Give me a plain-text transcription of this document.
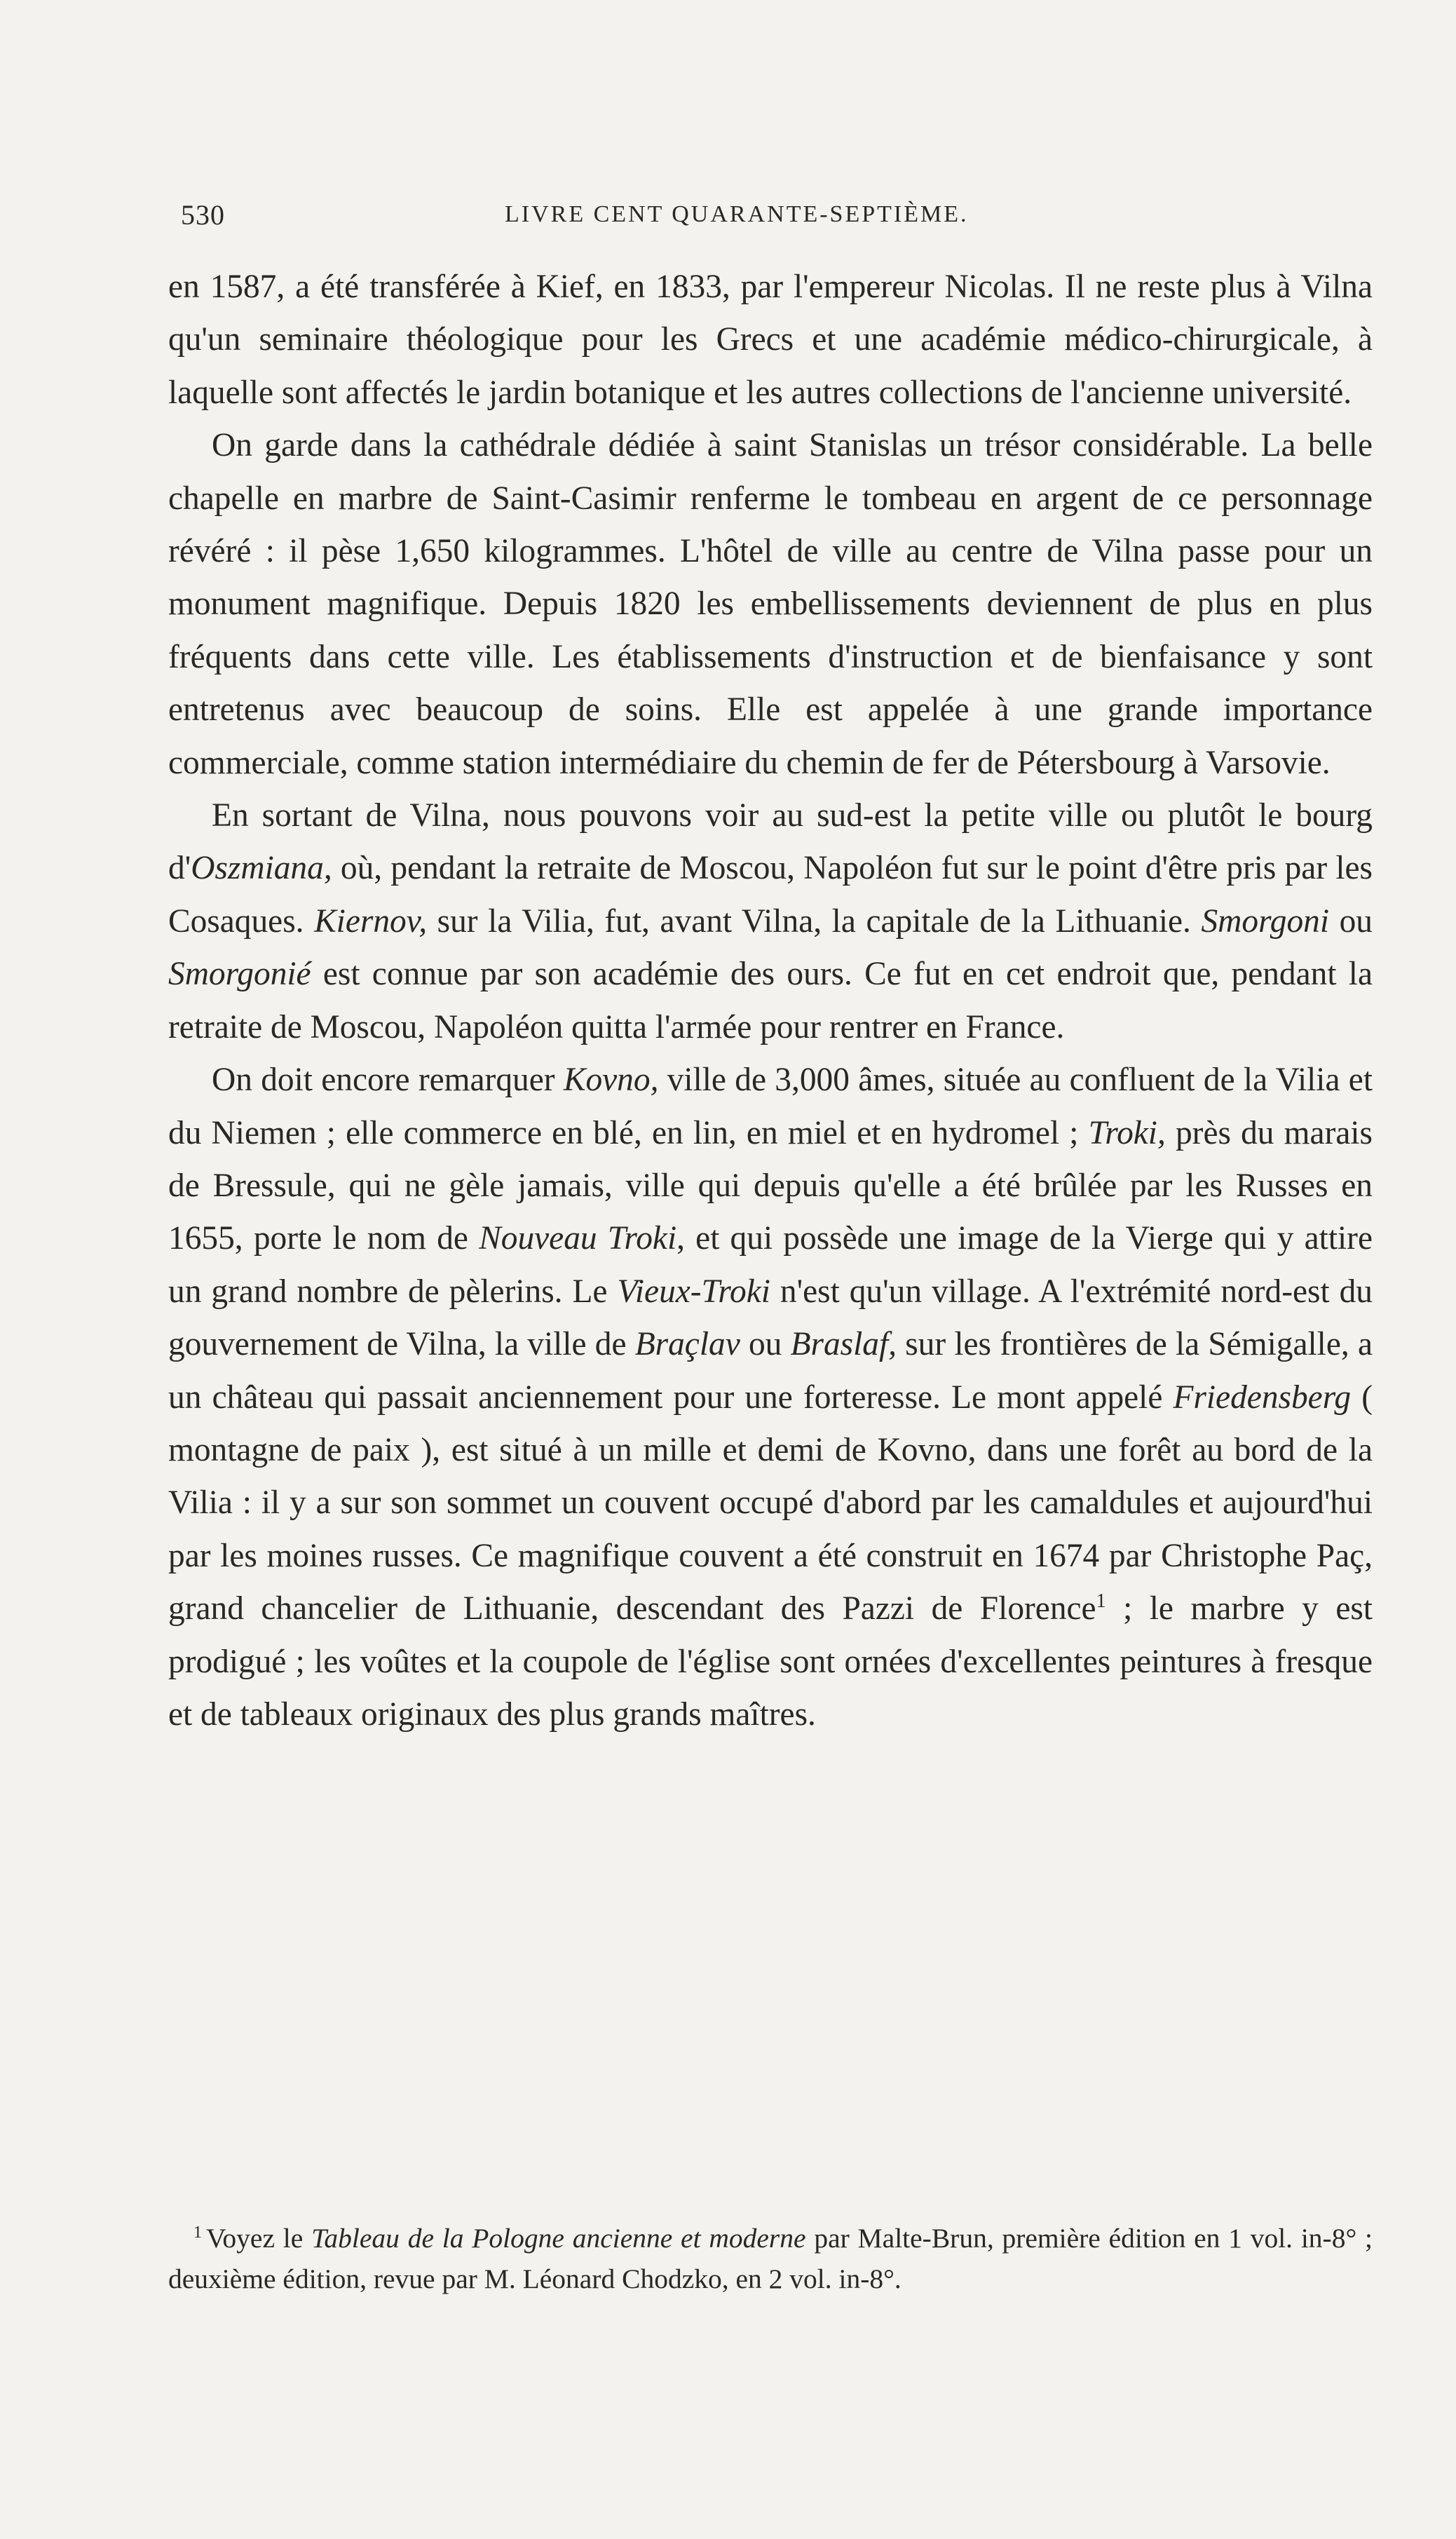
530	LIVRE CENT QUARANTE-SEPTIÈME.

en 1587, a été transférée à Kief, en 1833, par l'empereur Nicolas. Il ne reste plus à Vilna qu'un seminaire théologique pour les Grecs et une académie médico-chirurgicale, à laquelle sont affectés le jardin botanique et les autres collections de l'ancienne université.

On garde dans la cathédrale dédiée à saint Stanislas un trésor considérable. La belle chapelle en marbre de Saint-Casimir renferme le tombeau en argent de ce personnage révéré : il pèse 1,650 kilogrammes. L'hôtel de ville au centre de Vilna passe pour un monument magnifique. Depuis 1820 les embellissements deviennent de plus en plus fréquents dans cette ville. Les établissements d'instruction et de bienfaisance y sont entretenus avec beaucoup de soins. Elle est appelée à une grande importance commerciale, comme station intermédiaire du chemin de fer de Pétersbourg à Varsovie.

En sortant de Vilna, nous pouvons voir au sud-est la petite ville ou plutôt le bourg d'Oszmiana, où, pendant la retraite de Moscou, Napoléon fut sur le point d'être pris par les Cosaques. Kiernov, sur la Vilia, fut, avant Vilna, la capitale de la Lithuanie. Smorgoni ou Smorgonié est connue par son académie des ours. Ce fut en cet endroit que, pendant la retraite de Moscou, Napoléon quitta l'armée pour rentrer en France.

On doit encore remarquer Kovno, ville de 3,000 âmes, située au confluent de la Vilia et du Niemen ; elle commerce en blé, en lin, en miel et en hydromel ; Troki, près du marais de Bressule, qui ne gèle jamais, ville qui depuis qu'elle a été brûlée par les Russes en 1655, porte le nom de Nouveau Troki, et qui possède une image de la Vierge qui y attire un grand nombre de pèlerins. Le Vieux-Troki n'est qu'un village. A l'extrémité nord-est du gouvernement de Vilna, la ville de Braçlav ou Braslaf, sur les frontières de la Sémigalle, a un château qui passait anciennement pour une forteresse. Le mont appelé Friedensberg ( montagne de paix ), est situé à un mille et demi de Kovno, dans une forêt au bord de la Vilia : il y a sur son sommet un couvent occupé d'abord par les camaldules et aujourd'hui par les moines russes. Ce magnifique couvent a été construit en 1674 par Christophe Paç, grand chancelier de Lithuanie, descendant des Pazzi de Florence$^1$ ; le marbre y est prodigué ; les voûtes et la coupole de l'église sont ornées d'excellentes peintures à fresque et de tableaux originaux des plus grands maîtres.

$^1$ Voyez le Tableau de la Pologne ancienne et moderne par Malte-Brun, première édition en 1 vol. in-8° ; deuxième édition, revue par M. Léonard Chodzko, en 2 vol. in-8°.
